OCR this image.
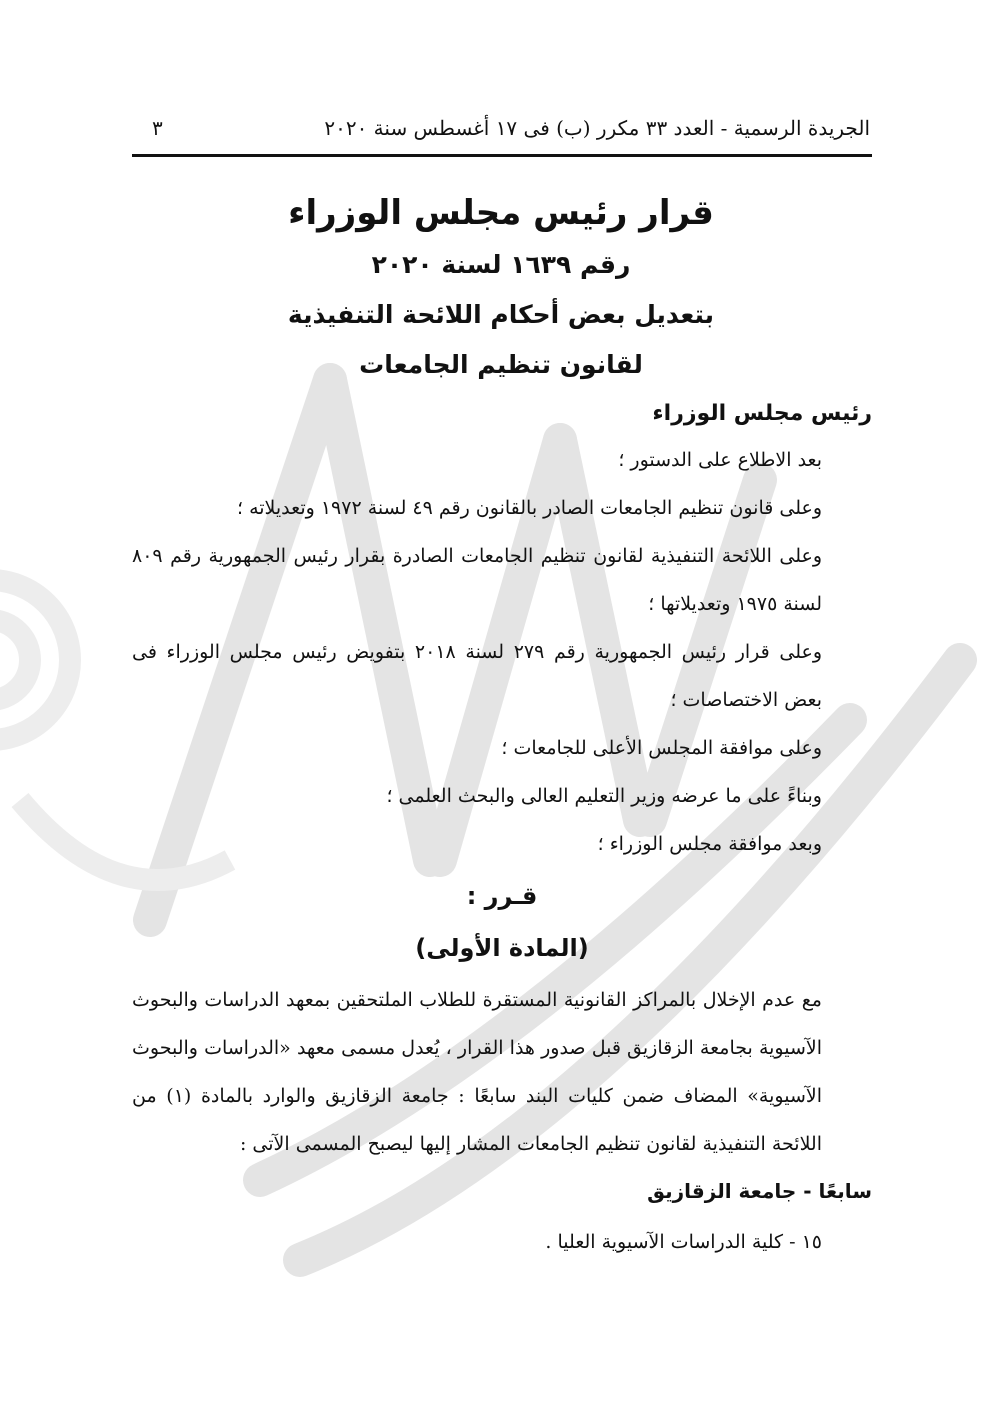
الجريدة الرسمية - العدد ٣٣ مكرر (ب) فى ١٧ أغسطس سنة ٢٠٢٠
٣

قرار رئيس مجلس الوزراء

رقم ١٦٣٩ لسنة ٢٠٢٠

بتعديل بعض أحكام اللائحة التنفيذية

لقانون تنظيم الجامعات

رئيس مجلس الوزراء

بعد الاطلاع على الدستور ؛

وعلى قانون تنظيم الجامعات الصادر بالقانون رقم ٤٩ لسنة ١٩٧٢ وتعديلاته ؛

وعلى اللائحة التنفيذية لقانون تنظيم الجامعات الصادرة بقرار رئيس الجمهورية رقم ٨٠٩ لسنة ١٩٧٥ وتعديلاتها ؛

وعلى قرار رئيس الجمهورية رقم ٢٧٩ لسنة ٢٠١٨ بتفويض رئيس مجلس الوزراء فى بعض الاختصاصات ؛

وعلى موافقة المجلس الأعلى للجامعات ؛

وبناءً على ما عرضه وزير التعليم العالى والبحث العلمى ؛

وبعد موافقة مجلس الوزراء ؛

قـرر :

(المادة الأولى)

مع عدم الإخلال بالمراكز القانونية المستقرة للطلاب الملتحقين بمعهد الدراسات والبحوث الآسيوية بجامعة الزقازيق قبل صدور هذا القرار ، يُعدل مسمى معهد «الدراسات والبحوث الآسيوية» المضاف ضمن كليات البند سابعًا : جامعة الزقازيق والوارد بالمادة (١) من اللائحة التنفيذية لقانون تنظيم الجامعات المشار إليها ليصبح المسمى الآتى :

سابعًا - جامعة الزقازيق

١٥ - كلية الدراسات الآسيوية العليا .
